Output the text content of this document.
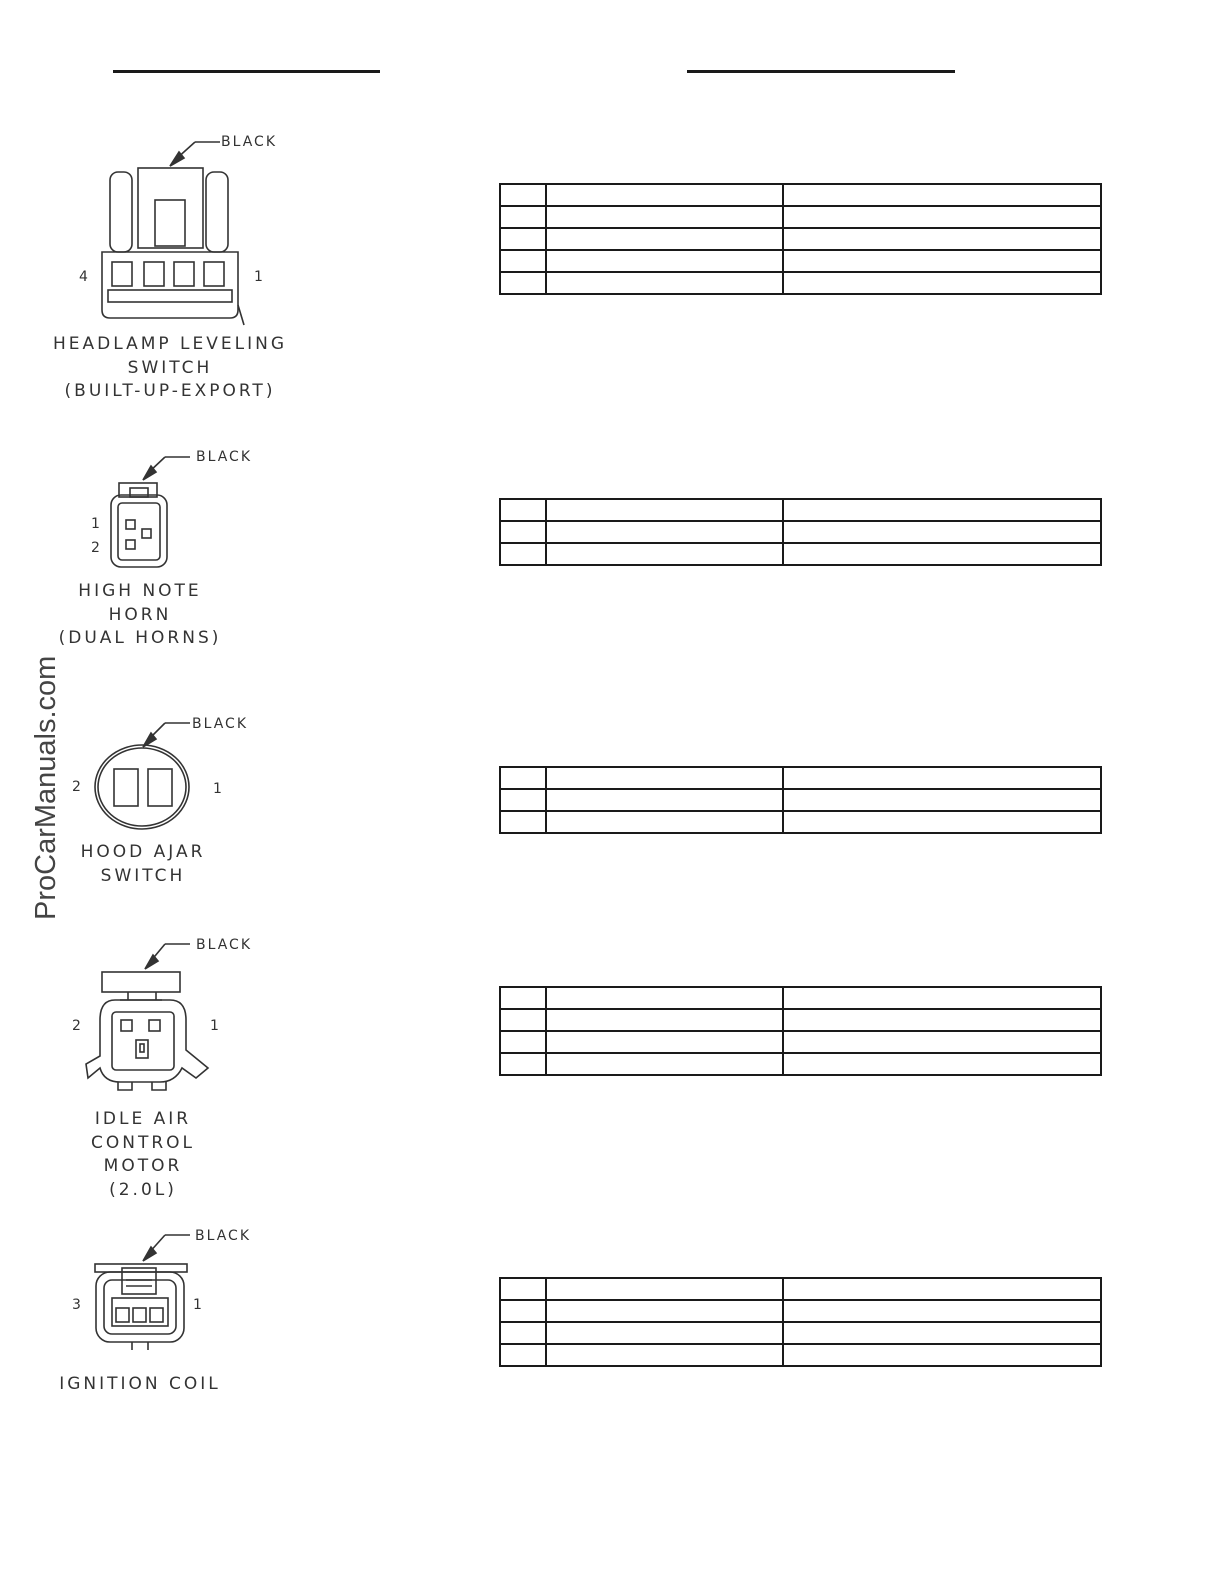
ProCarManuals.com
BLACK
4	1
HEADLAMP LEVELING
SWITCH
(BUILT-UP-EXPORT)

BLACK
1
2
HIGH NOTE
HORN
(DUAL HORNS)

BLACK
2	1
HOOD AJAR
SWITCH

BLACK
2	1
IDLE AIR
CONTROL
MOTOR
(2.0L)

BLACK
3	1
IGNITION COIL
